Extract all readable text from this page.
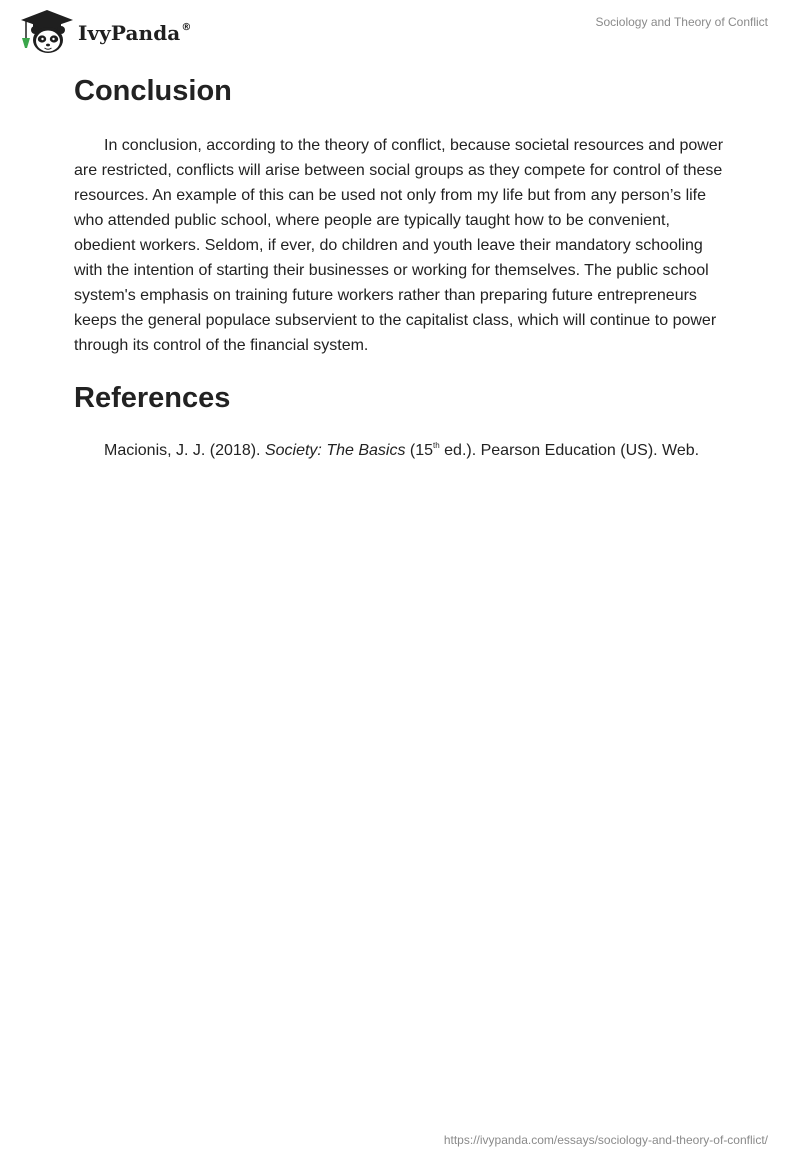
IvyPanda®	Sociology and Theory of Conflict
Conclusion

In conclusion, according to the theory of conflict, because societal resources and power are restricted, conflicts will arise between social groups as they compete for control of these resources. An example of this can be used not only from my life but from any person’s life who attended public school, where people are typically taught how to be convenient, obedient workers. Seldom, if ever, do children and youth leave their mandatory schooling with the intention of starting their businesses or working for themselves. The public school system's emphasis on training future workers rather than preparing future entrepreneurs keeps the general populace subservient to the capitalist class, which will continue to power through its control of the financial system.

References

Macionis, J. J. (2018). Society: The Basics (15th ed.). Pearson Education (US). Web.

https://ivypanda.com/essays/sociology-and-theory-of-conflict/
